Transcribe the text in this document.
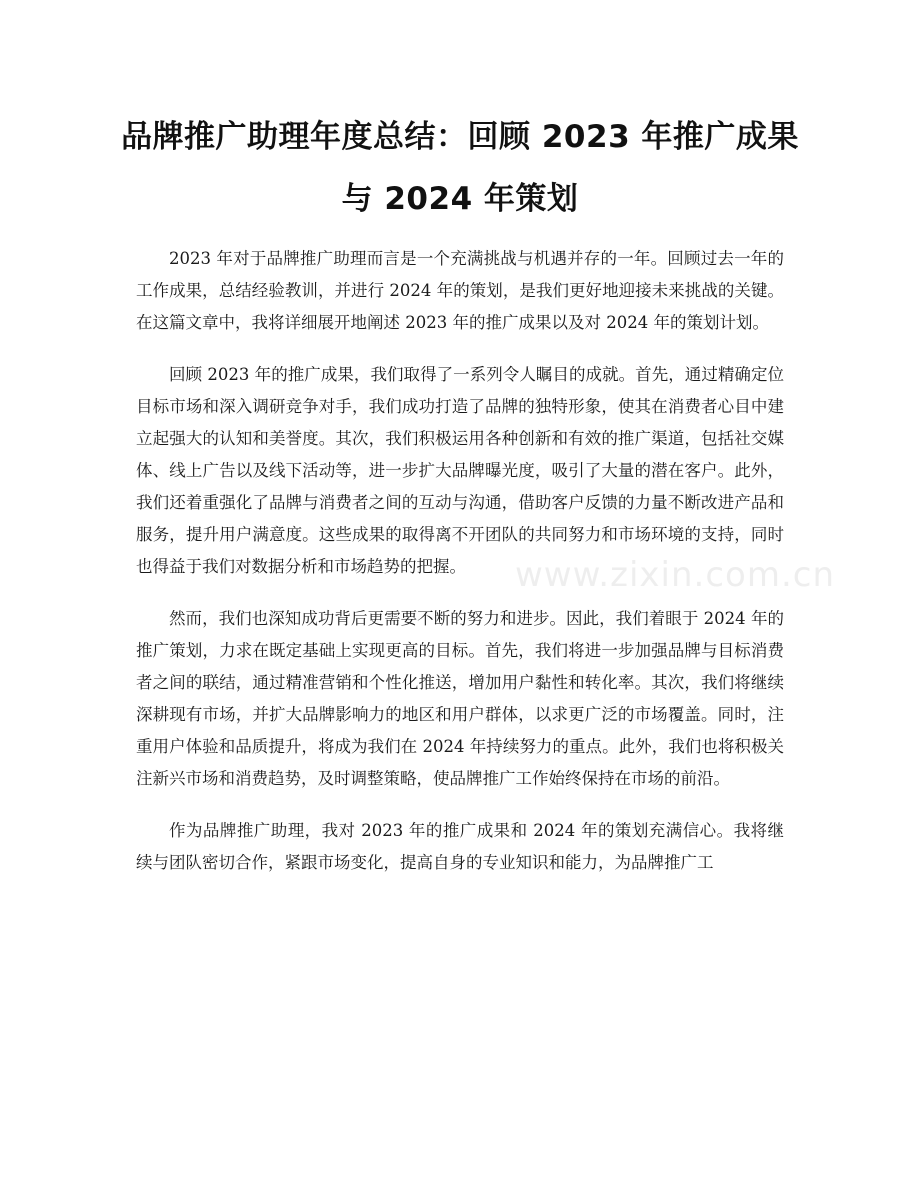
品牌推广助理年度总结：回顾 2023 年推广成果与 2024 年策划

2023 年对于品牌推广助理而言是一个充满挑战与机遇并存的一年。回顾过去一年的工作成果，总结经验教训，并进行 2024 年的策划，是我们更好地迎接未来挑战的关键。在这篇文章中，我将详细展开地阐述 2023 年的推广成果以及对 2024 年的策划计划。

回顾 2023 年的推广成果，我们取得了一系列令人瞩目的成就。首先，通过精确定位目标市场和深入调研竞争对手，我们成功打造了品牌的独特形象，使其在消费者心目中建立起强大的认知和美誉度。其次，我们积极运用各种创新和有效的推广渠道，包括社交媒体、线上广告以及线下活动等，进一步扩大品牌曝光度，吸引了大量的潜在客户。此外，我们还着重强化了品牌与消费者之间的互动与沟通，借助客户反馈的力量不断改进产品和服务，提升用户满意度。这些成果的取得离不开团队的共同努力和市场环境的支持，同时也得益于我们对数据分析和市场趋势的把握。

然而，我们也深知成功背后更需要不断的努力和进步。因此，我们着眼于 2024 年的推广策划，力求在既定基础上实现更高的目标。首先，我们将进一步加强品牌与目标消费者之间的联结，通过精准营销和个性化推送，增加用户黏性和转化率。其次，我们将继续深耕现有市场，并扩大品牌影响力的地区和用户群体，以求更广泛的市场覆盖。同时，注重用户体验和品质提升，将成为我们在 2024 年持续努力的重点。此外，我们也将积极关注新兴市场和消费趋势，及时调整策略，使品牌推广工作始终保持在市场的前沿。

作为品牌推广助理，我对 2023 年的推广成果和 2024 年的策划充满信心。我将继续与团队密切合作，紧跟市场变化，提高自身的专业知识和能力，为品牌推广工

www.zixin.com.cn
